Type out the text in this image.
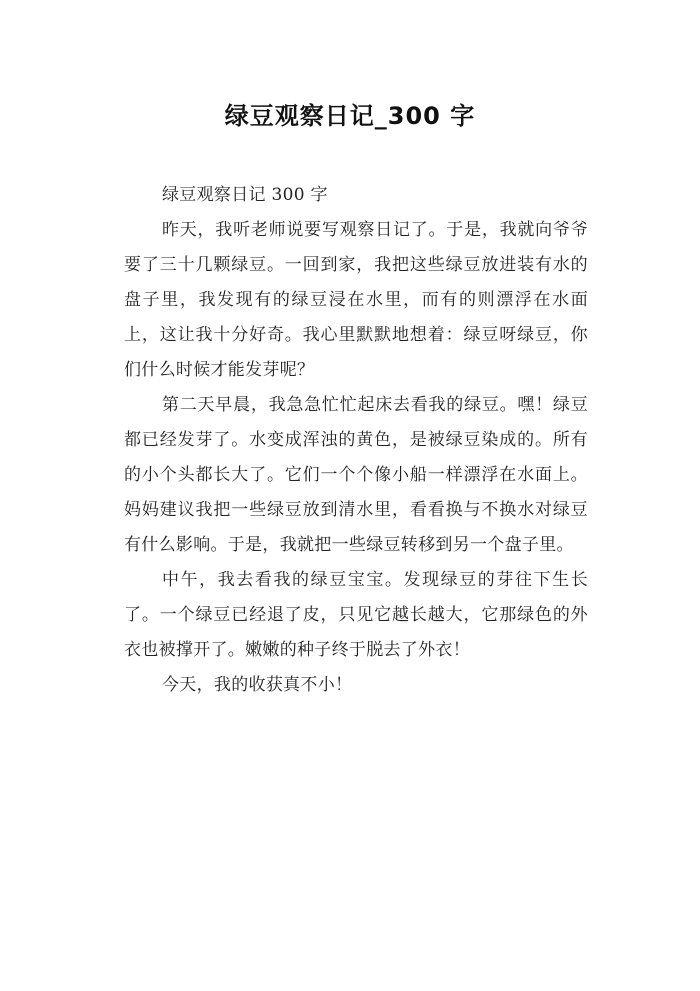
绿豆观察日记_300 字

绿豆观察日记 300 字

昨天，我听老师说要写观察日记了。于是，我就向爷爷要了三十几颗绿豆。一回到家，我把这些绿豆放进装有水的盘子里，我发现有的绿豆浸在水里，而有的则漂浮在水面上，这让我十分好奇。我心里默默地想着：绿豆呀绿豆，你们什么时候才能发芽呢？

第二天早晨，我急急忙忙起床去看我的绿豆。嘿！绿豆都已经发芽了。水变成浑浊的黄色，是被绿豆染成的。所有的小个头都长大了。它们一个个像小船一样漂浮在水面上。妈妈建议我把一些绿豆放到清水里，看看换与不换水对绿豆有什么影响。于是，我就把一些绿豆转移到另一个盘子里。

中午，我去看我的绿豆宝宝。发现绿豆的芽往下生长了。一个绿豆已经退了皮，只见它越长越大，它那绿色的外衣也被撑开了。嫩嫩的种子终于脱去了外衣！

今天，我的收获真不小！
